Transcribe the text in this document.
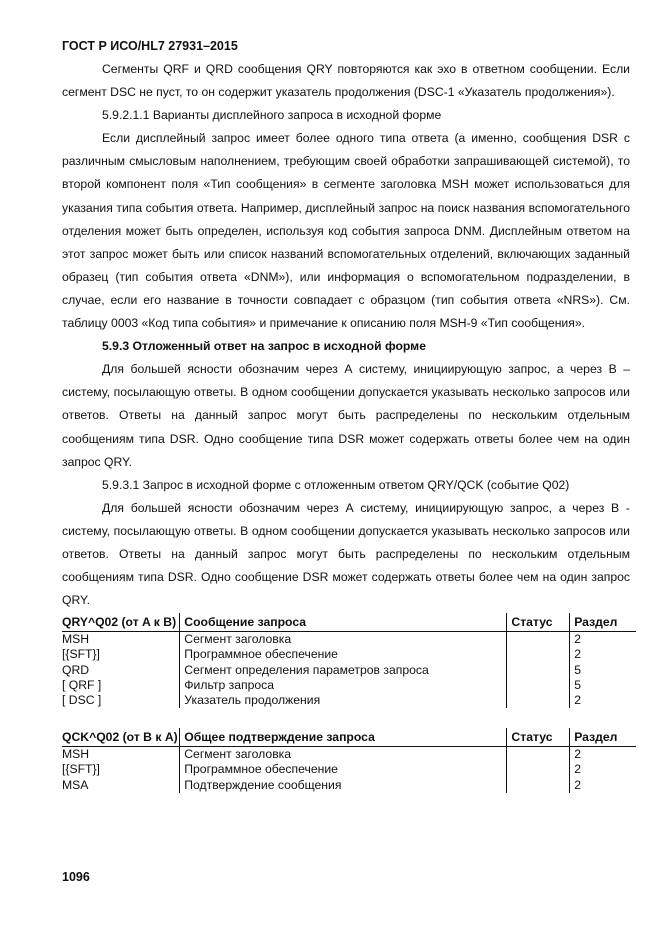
ГОСТ Р ИСО/HL7 27931–2015

Сегменты QRF и QRD сообщения QRY повторяются как эхо в ответном сообщении. Если сегмент DSC не пуст, то он содержит указатель продолжения (DSC-1 «Указатель продолжения»).

5.9.2.1.1 Варианты дисплейного запроса в исходной форме

Если дисплейный запрос имеет более одного типа ответа (а именно, сообщения DSR с различным смысловым наполнением, требующим своей обработки запрашивающей системой), то второй компонент поля «Тип сообщения» в сегменте заголовка MSH может использоваться для указания типа события ответа. Например, дисплейный запрос на поиск названия вспомогательного отделения может быть определен, используя код события запроса DNM. Дисплейным ответом на этот запрос может быть или список названий вспомогательных отделений, включающих заданный образец (тип события ответа «DNM»), или информация о вспомогательном подразделении, в случае, если его название в точности совпадает с образцом (тип события ответа «NRS»). См. таблицу 0003 «Код типа события» и примечание к описанию поля MSH-9 «Тип сообщения».

5.9.3 Отложенный ответ на запрос в исходной форме

Для большей ясности обозначим через А систему, инициирующую запрос, а через В – систему, посылающую ответы. В одном сообщении допускается указывать несколько запросов или ответов. Ответы на данный запрос могут быть распределены по нескольким отдельным сообщениям типа DSR. Одно сообщение типа DSR может содержать ответы более чем на один запрос QRY.

5.9.3.1 Запрос в исходной форме с отложенным ответом QRY/QCK (событие Q02)

Для большей ясности обозначим через А систему, инициирующую запрос, а через В - систему, посылающую ответы. В одном сообщении допускается указывать несколько запросов или ответов. Ответы на данный запрос могут быть распределены по нескольким отдельным сообщениям типа DSR. Одно сообщение DSR может содержать ответы более чем на один запрос QRY.

QRY^Q02 (от A к B)	Сообщение запроса	Статус	Раздел
MSH	Сегмент заголовка		2
[{SFT}]	Программное обеспечение		2
QRD	Сегмент определения параметров запроса		5
[ QRF ]	Фильтр запроса		5
[ DSC ]	Указатель продолжения		2
QCK^Q02 (от B к A)	Общее подтверждение запроса	Статус	Раздел
MSH	Сегмент заголовка		2
[{SFT}]	Программное обеспечение		2
MSA	Подтверждение сообщения		2
1096
